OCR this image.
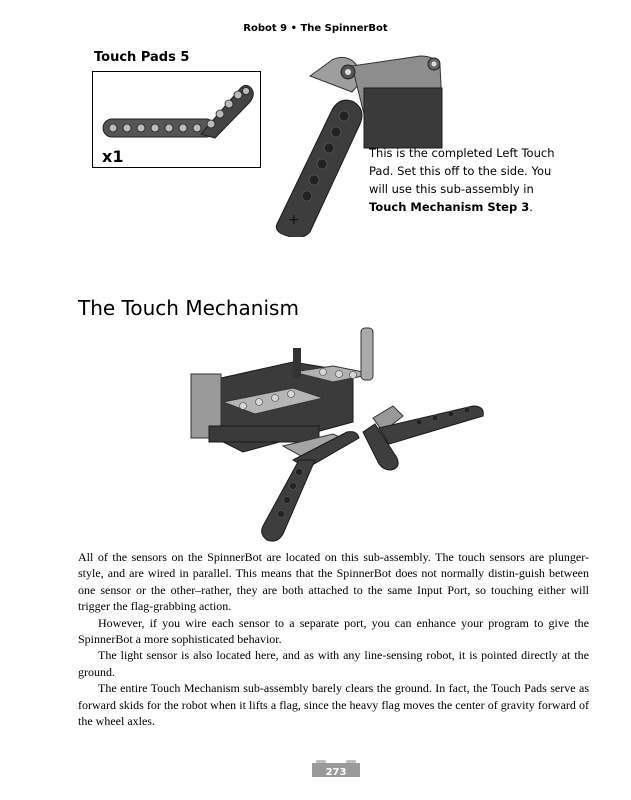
Robot 9 • The SpinnerBot
Touch Pads 5
x1
+
This is the completed Left Touch Pad. Set this off to the side. You will use this sub-assembly in Touch Mechanism Step 3.
The Touch Mechanism

All of the sensors on the SpinnerBot are located on this sub-assembly. The touch sensors are plunger-style, and are wired in parallel. This means that the SpinnerBot does not normally distin-guish between one sensor or the other–rather, they are both attached to the same Input Port, so touching either will trigger the flag-grabbing action.

However, if you wire each sensor to a separate port, you can enhance your program to give the SpinnerBot a more sophisticated behavior.

The light sensor is also located here, and as with any line-sensing robot, it is pointed directly at the ground.

The entire Touch Mechanism sub-assembly barely clears the ground. In fact, the Touch Pads serve as forward skids for the robot when it lifts a flag, since the heavy flag moves the center of gravity forward of the wheel axles.

273
